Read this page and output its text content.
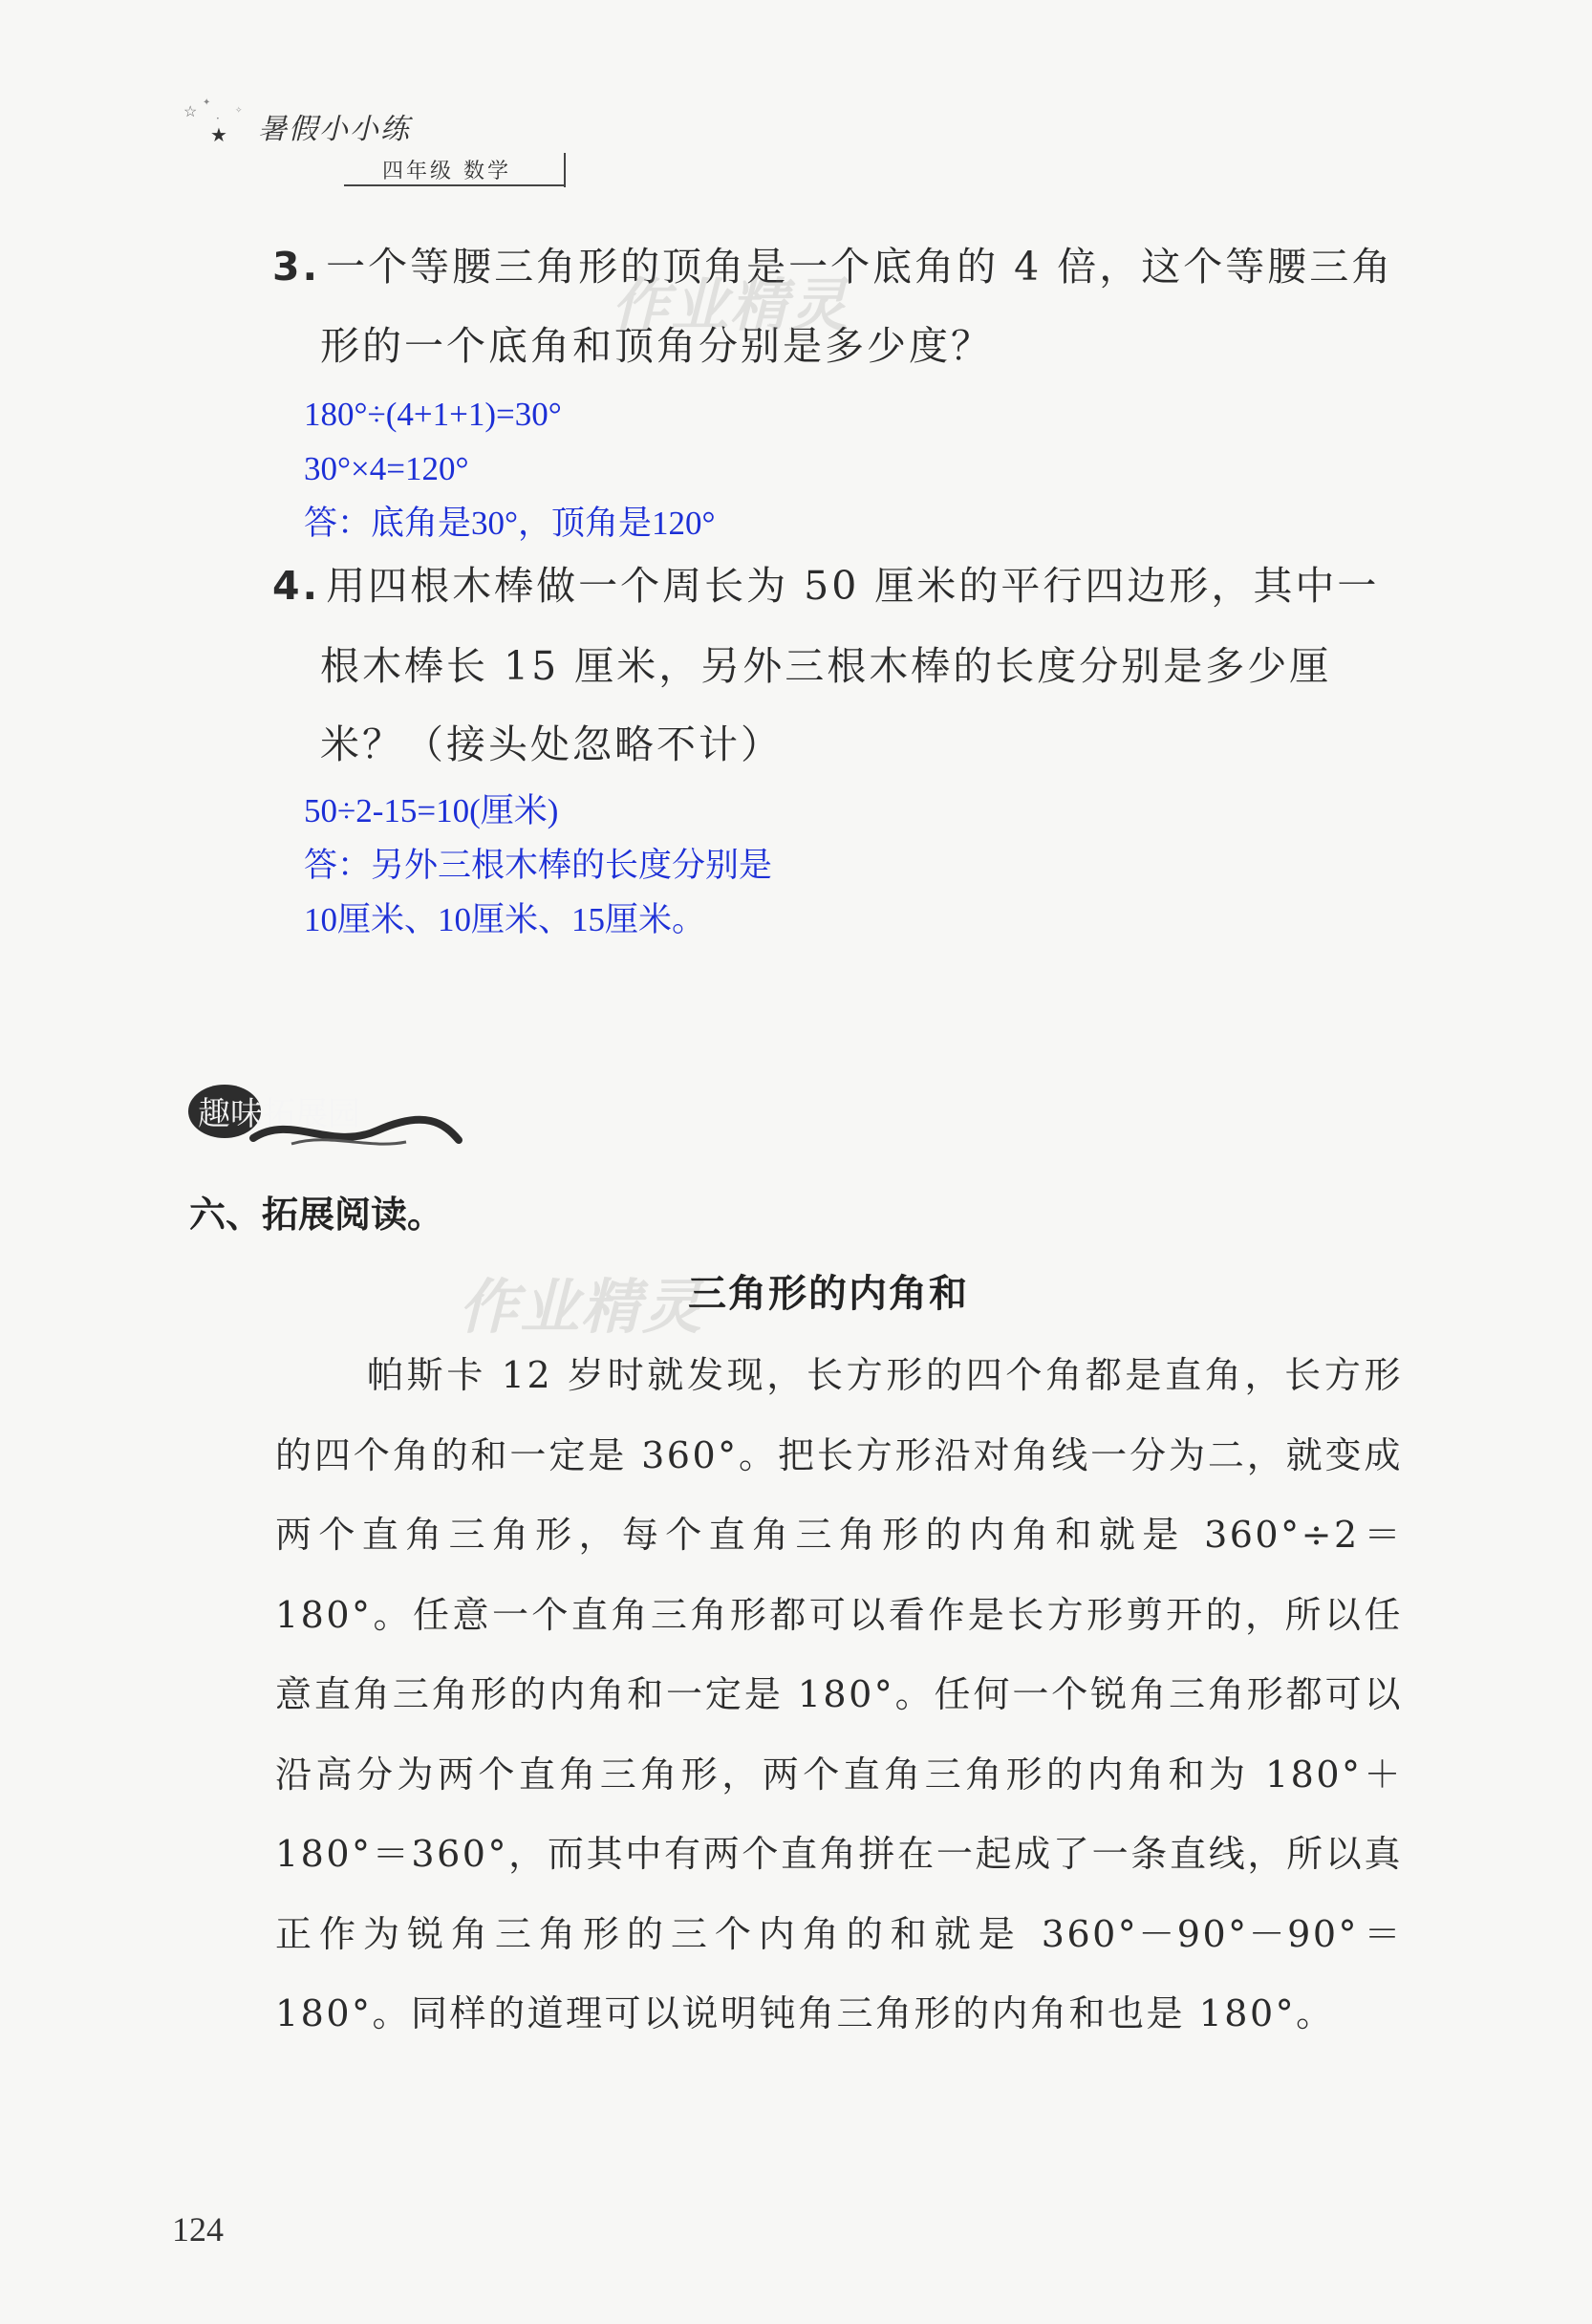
☆ ✦
·
★
✧
暑假小小练
四年级 数学
3. 一个等腰三角形的顶角是一个底角的 4 倍，这个等腰三角
形的一个底角和顶角分别是多少度？
作业精灵
180°÷(4+1+1)=30°
30°×4=120°
答：底角是30°，顶角是120°
4. 用四根木棒做一个周长为 50 厘米的平行四边形，其中一
根木棒长 15 厘米，另外三根木棒的长度分别是多少厘
米？（接头处忽略不计）
50÷2-15=10(厘米)
答：另外三根木棒的长度分别是
10厘米、10厘米、15厘米。
趣味拓展园
六、拓展阅读。
作业精灵
三角形的内角和
帕斯卡 12 岁时就发现，长方形的四个角都是直角，长方形的四个角的和一定是 360°。把长方形沿对角线一分为二，就变成两个直角三角形，每个直角三角形的内角和就是 360°÷2＝180°。任意一个直角三角形都可以看作是长方形剪开的，所以任意直角三角形的内角和一定是 180°。任何一个锐角三角形都可以沿高分为两个直角三角形，两个直角三角形的内角和为 180°＋180°＝360°，而其中有两个直角拼在一起成了一条直线，所以真正作为锐角三角形的三个内角的和就是 360°－90°－90°＝180°。同样的道理可以说明钝角三角形的内角和也是 180°。
124
